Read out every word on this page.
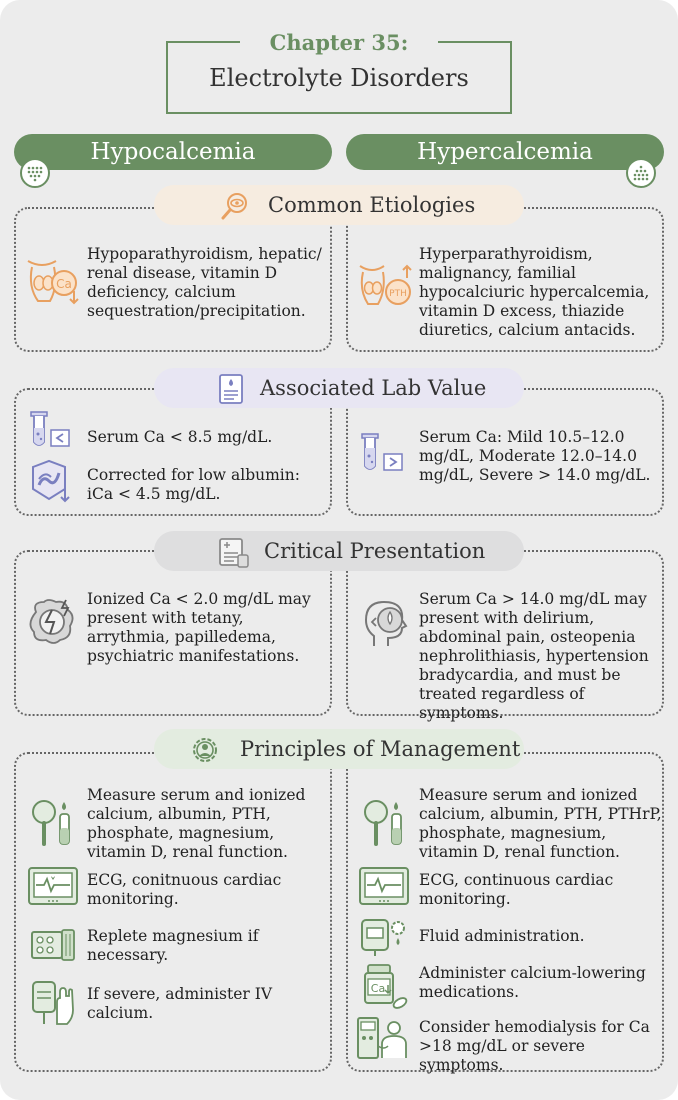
Chapter 35:
Electrolyte Disorders
Hypocalcemia	Hypercalcemia
Common Etiologies
Ca
Hypoparathyroidism, hepatic/ renal disease, vitamin D deficiency, calcium sequestration/precipitation.
PTH
Hyperparathyroidism, malignancy, familial hypocalciuric hypercalcemia, vitamin D excess, thiazide diuretics, calcium antacids.
Associated Lab Value
Serum Ca < 8.5 mg/dL.
Corrected for low albumin: iCa < 4.5 mg/dL.
Serum Ca: Mild 10.5–12.0 mg/dL, Moderate 12.0–14.0 mg/dL, Severe > 14.0 mg/dL.
Critical Presentation
Ionized Ca < 2.0 mg/dL may present with tetany, arrythmia, papilledema, psychiatric manifestations.
Serum Ca > 14.0 mg/dL may present with delirium, abdominal pain, osteopenia nephrolithiasis, hypertension bradycardia, and must be treated regardless of symptoms.
Principles of Management
Measure serum and ionized calcium, albumin, PTH, phosphate, magnesium, vitamin D, renal function.
ECG, conitnuous cardiac monitoring.
Replete magnesium if necessary.
If severe, administer IV calcium.
Measure serum and ionized calcium, albumin, PTH, PTHrP, phosphate, magnesium, vitamin D, renal function.
ECG, continuous cardiac monitoring.
Fluid administration.
Ca
Administer calcium-lowering medications.
Consider hemodialysis for Ca >18 mg/dL or severe symptoms.
